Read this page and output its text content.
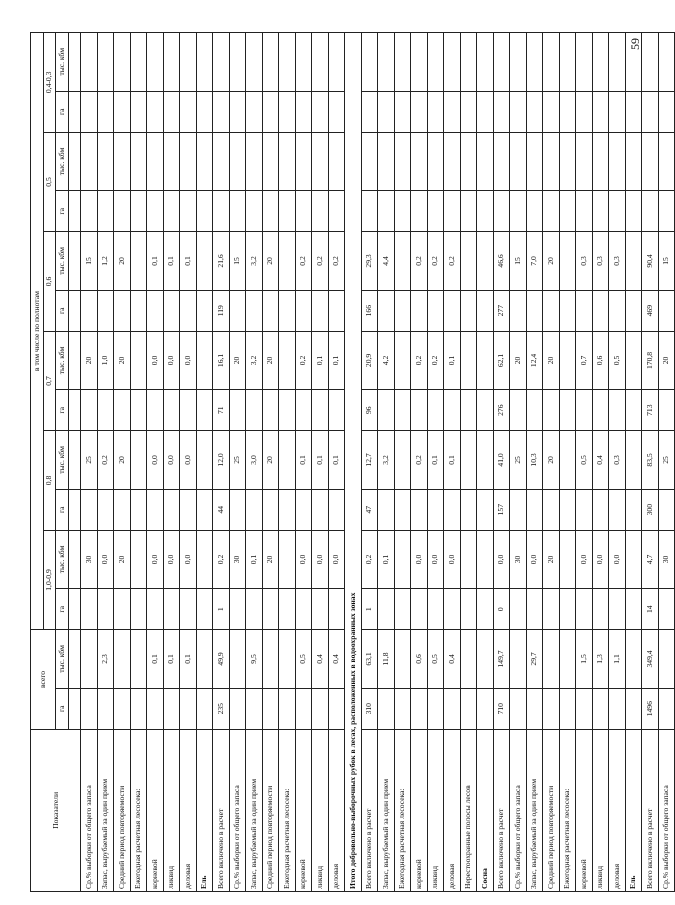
Показатели	всего		в том числе по полнотам											
			1,0-0,9		0,8		0,7		0,6		0,5		0,4-0,3	
	га	тыс. кбм	га	тыс. кбм	га	тыс. кбм	га	тыс. кбм	га	тыс. кбм	га	тыс. кбм	га	тыс. кбм

Ср.% выборки от общего запаса				30		25		20		15				
Запас, вырубаемый за один прием		2,3		0,0		0,2		1,0		1,2				
Средний период повторяемости				20		20		20		20				
Ежегодная расчетная лесосека:														
корневой		0,1		0,0		0,0		0,0		0,1				
ликвид		0,1		0,0		0,0		0,0		0,1				
деловая		0,1		0,0		0,0		0,0		0,1				
Ель														
Всего включено в расчет	235	49,9	1	0,2	44	12,0	71	16,1	119	21,6				
Ср.% выборки от общего запаса				30		25		20		15				
Запас, вырубаемый за один прием		9,5		0,1		3,0		3,2		3,2				
Средний период повторяемости				20		20		20		20				
Ежегодная расчетная лесосека:														
корневой		0,5		0,0		0,1		0,2		0,2				
ликвид		0,4		0,0		0,1		0,1		0,2				
деловая		0,4		0,0		0,1		0,1		0,2				
Итого добровольно-выборочных рубок в лесах, расположенных в водоохранных зонах														
Всего включено в расчет	310	63,1	1	0,2	47	12,7	96	20,9	166	29,3				
Запас, вырубаемый за один прием		11,8		0,1		3,2		4,2		4,4				
Ежегодная расчетная лесосека:														
корневой		0,6		0,0		0,2		0,2		0,2				
ликвид		0,5		0,0		0,1		0,2		0,2				
деловая		0,4		0,0		0,1		0,1		0,2				
Нерестоохранные полосы лесов														
Сосна														
Всего включено в расчет	710	149,7	0	0,0	157	41,0	276	62,1	277	46,6				
Ср.% выборки от общего запаса				30		25		20		15				
Запас, вырубаемый за один прием		29,7		0,0		10,3		12,4		7,0				
Средний период повторяемости				20		20		20		20				
Ежегодная расчетная лесосека:														
корневой		1,5		0,0		0,5		0,7		0,3				
ликвид		1,3		0,0		0,4		0,6		0,3				
деловая		1,1		0,0		0,3		0,5		0,3				
Ель														
Всего включено в расчет	1496	349,4	14	4,7	300	83,5	713	170,8	469	90,4				
Ср.% выборки от общего запаса				30		25		20		15				
59
